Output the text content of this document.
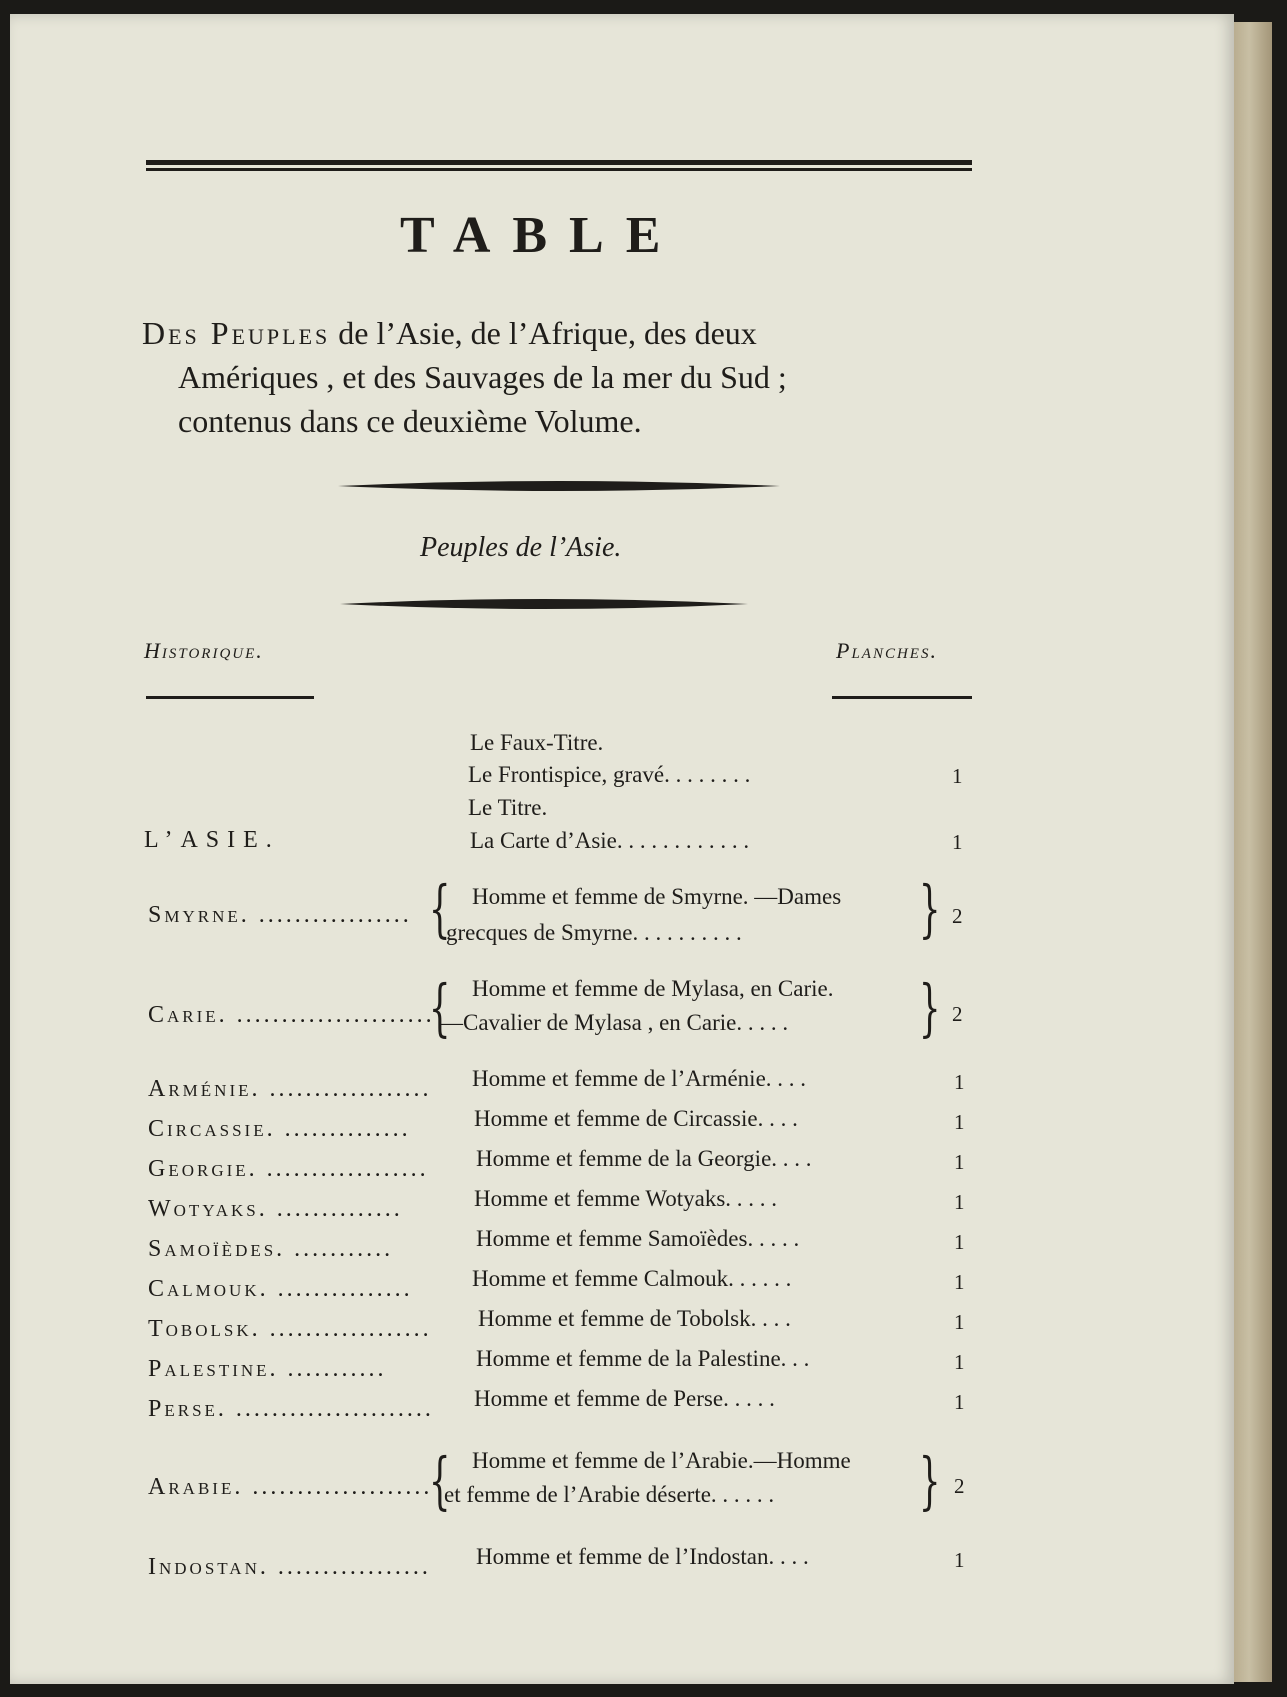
TABLE
Des Peuples de l’Asie, de l’Afrique, des deux
Amériques , et des Sauvages de la mer du Sud ;
contenus dans ce deuxième Volume.
Peuples de l’Asie.
Historique.	Planches.
Le Faux-Titre.
Le Frontispice, gravé. . . . . . . .	1
Le Titre.
L’ASIE.	La Carte d’Asie. . . . . . . . . . . .	1
Smyrne. ................. { Homme et femme de Smyrne. —Dames
grecques de Smyrne. . . . . . . . . .	} 2
Carie. ......................
{ Homme et femme de Mylasa, en Carie.
—Cavalier de Mylasa , en Carie. . . . . } 2
Arménie. .................. Homme et femme de l’Arménie. . . .	1
Circassie. ..............	Homme et femme de Circassie. . . .	1
Georgie. .................. Homme et femme de la Georgie. . . .	1
Wotyaks. ..............	Homme et femme Wotyaks. . . . .	1
Samoïèdes. ...........	Homme et femme Samoïèdes. . . . .	1
Calmouk. ...............	Homme et femme Calmouk. . . . . .	1
Tobolsk. .................. Homme et femme de Tobolsk. . . .	1
Palestine. ...........	Homme et femme de la Palestine. . .	1
Perse. ...................... Homme et femme de Perse. . . . .	1
Arabie. ....................
{ Homme et femme de l’Arabie.—Homme
et femme de l’Arabie déserte. . . . . . } 2
Indostan. ................. Homme et femme de l’Indostan. . . .	1
